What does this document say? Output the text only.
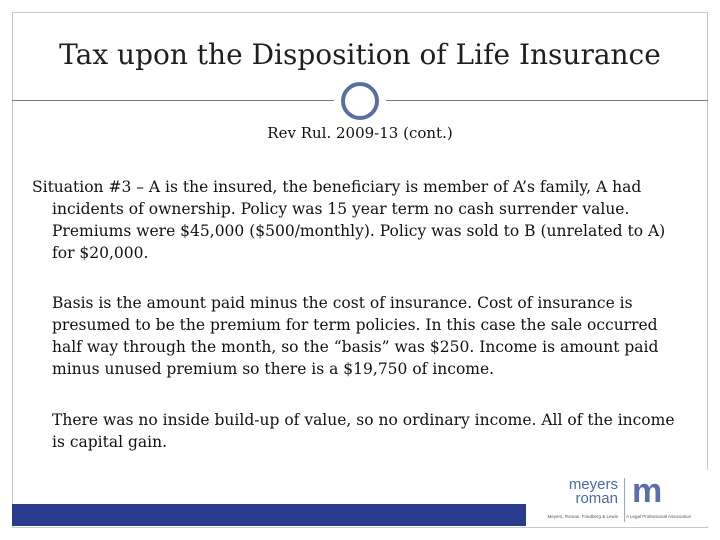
Tax upon the Disposition of Life Insurance
Rev Rul. 2009-13 (cont.)
Situation #3 – A is the insured, the beneficiary is member of A’s family, A had incidents of ownership. Policy was 15 year term no cash surrender value. Premiums were $45,000 ($500/monthly). Policy was sold to B (unrelated to A) for $20,000.
Basis is the amount paid minus the cost of insurance. Cost of insurance is presumed to be the premium for term policies. In this case the sale occurred half way through the month, so the “basis” was $250. Income is amount paid minus unused premium so there is a $19,750 of income.
There was no inside build-up of value, so no ordinary income. All of the income is capital gain.
meyers
roman m
Meyers, Roman, Friedberg & Lewis A Legal Professional Association
